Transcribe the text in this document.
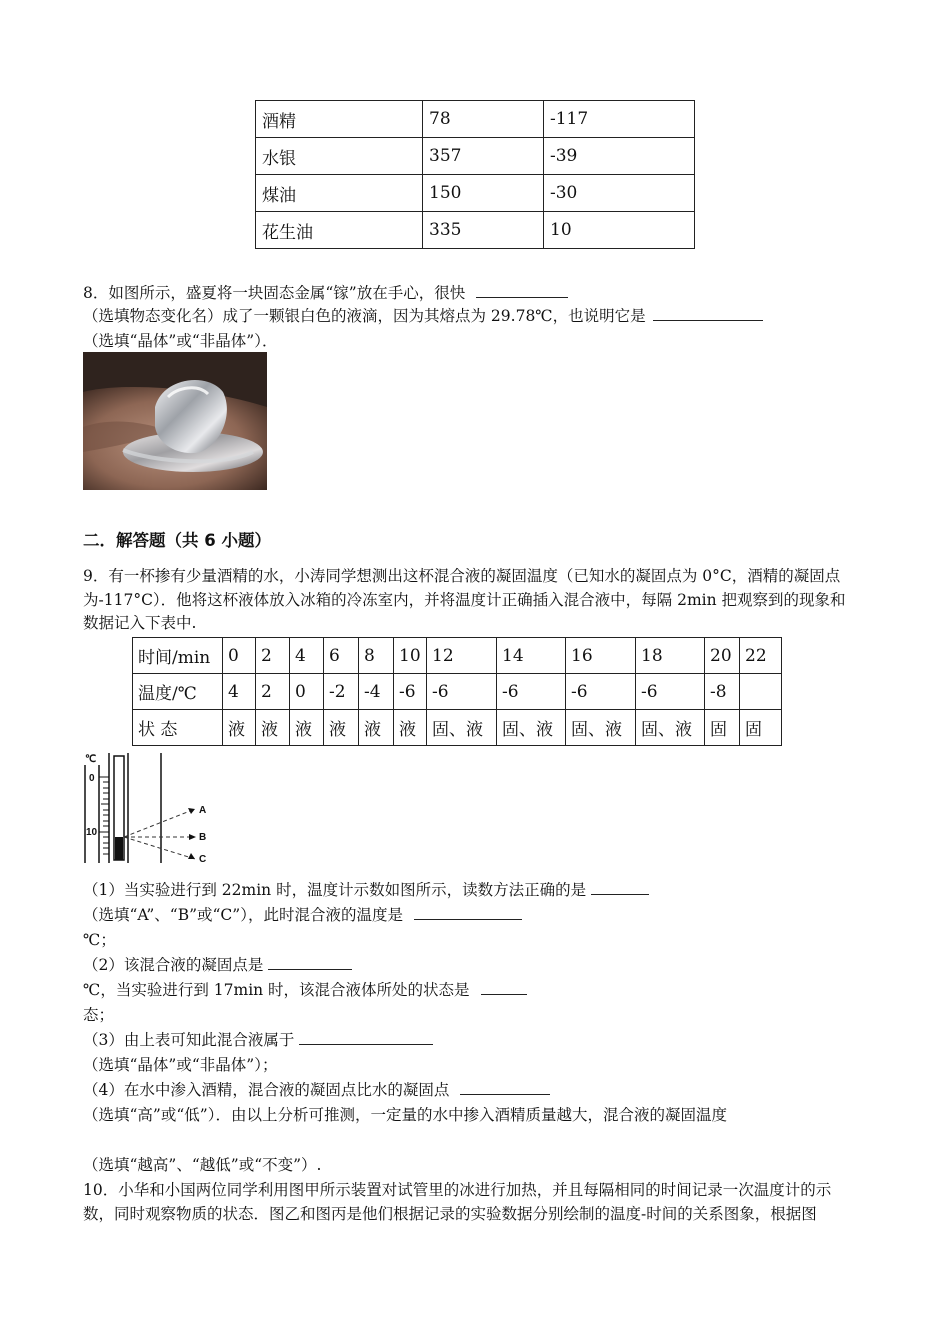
酒精	78	-117
水银	357	-39
煤油	150	-30
花生油	335	10
8．如图所示，盛夏将一块固态金属“镓”放在手心，很快
（选填物态变化名）成了一颗银白色的液滴，因为其熔点为 29.78℃，也说明它是
（选填“晶体”或“非晶体”）．
二．解答题（共 6 小题）
9．有一杯掺有少量酒精的水，小涛同学想测出这杯混合液的凝固温度（已知水的凝固点为 0°C，酒精的凝固点
为-117°C）．他将这杯液体放入冰箱的冷冻室内，并将温度计正确插入混合液中，每隔 2min 把观察到的现象和
数据记入下表中.
时间/min	0	2	4	6	8	10	12	14	16	18	20	22
温度/℃	4	2	0	-2	-4	-6	-6	-6	-6	-6	-8	
状 态	液	液	液	液	液	液	固、液	固、液	固、液	固、液	固	固
℃
0
10
A
B
C
（1）当实验进行到 22min 时，温度计示数如图所示，读数方法正确的是
（选填“A”、“B”或“C”），此时混合液的温度是
℃；
（2）该混合液的凝固点是
℃，当实验进行到 17min 时，该混合液体所处的状态是
态；
（3）由上表可知此混合液属于
（选填“晶体”或“非晶体”）；
（4）在水中渗入酒精，混合液的凝固点比水的凝固点
（选填“高”或“低”）．由以上分析可推测，一定量的水中掺入酒精质量越大，混合液的凝固温度
（选填“越高”、“越低”或“不变”）.
10．小华和小国两位同学利用图甲所示装置对试管里的冰进行加热，并且每隔相同的时间记录一次温度计的示
数，同时观察物质的状态．图乙和图丙是他们根据记录的实验数据分别绘制的温度-时间的关系图象，根据图
